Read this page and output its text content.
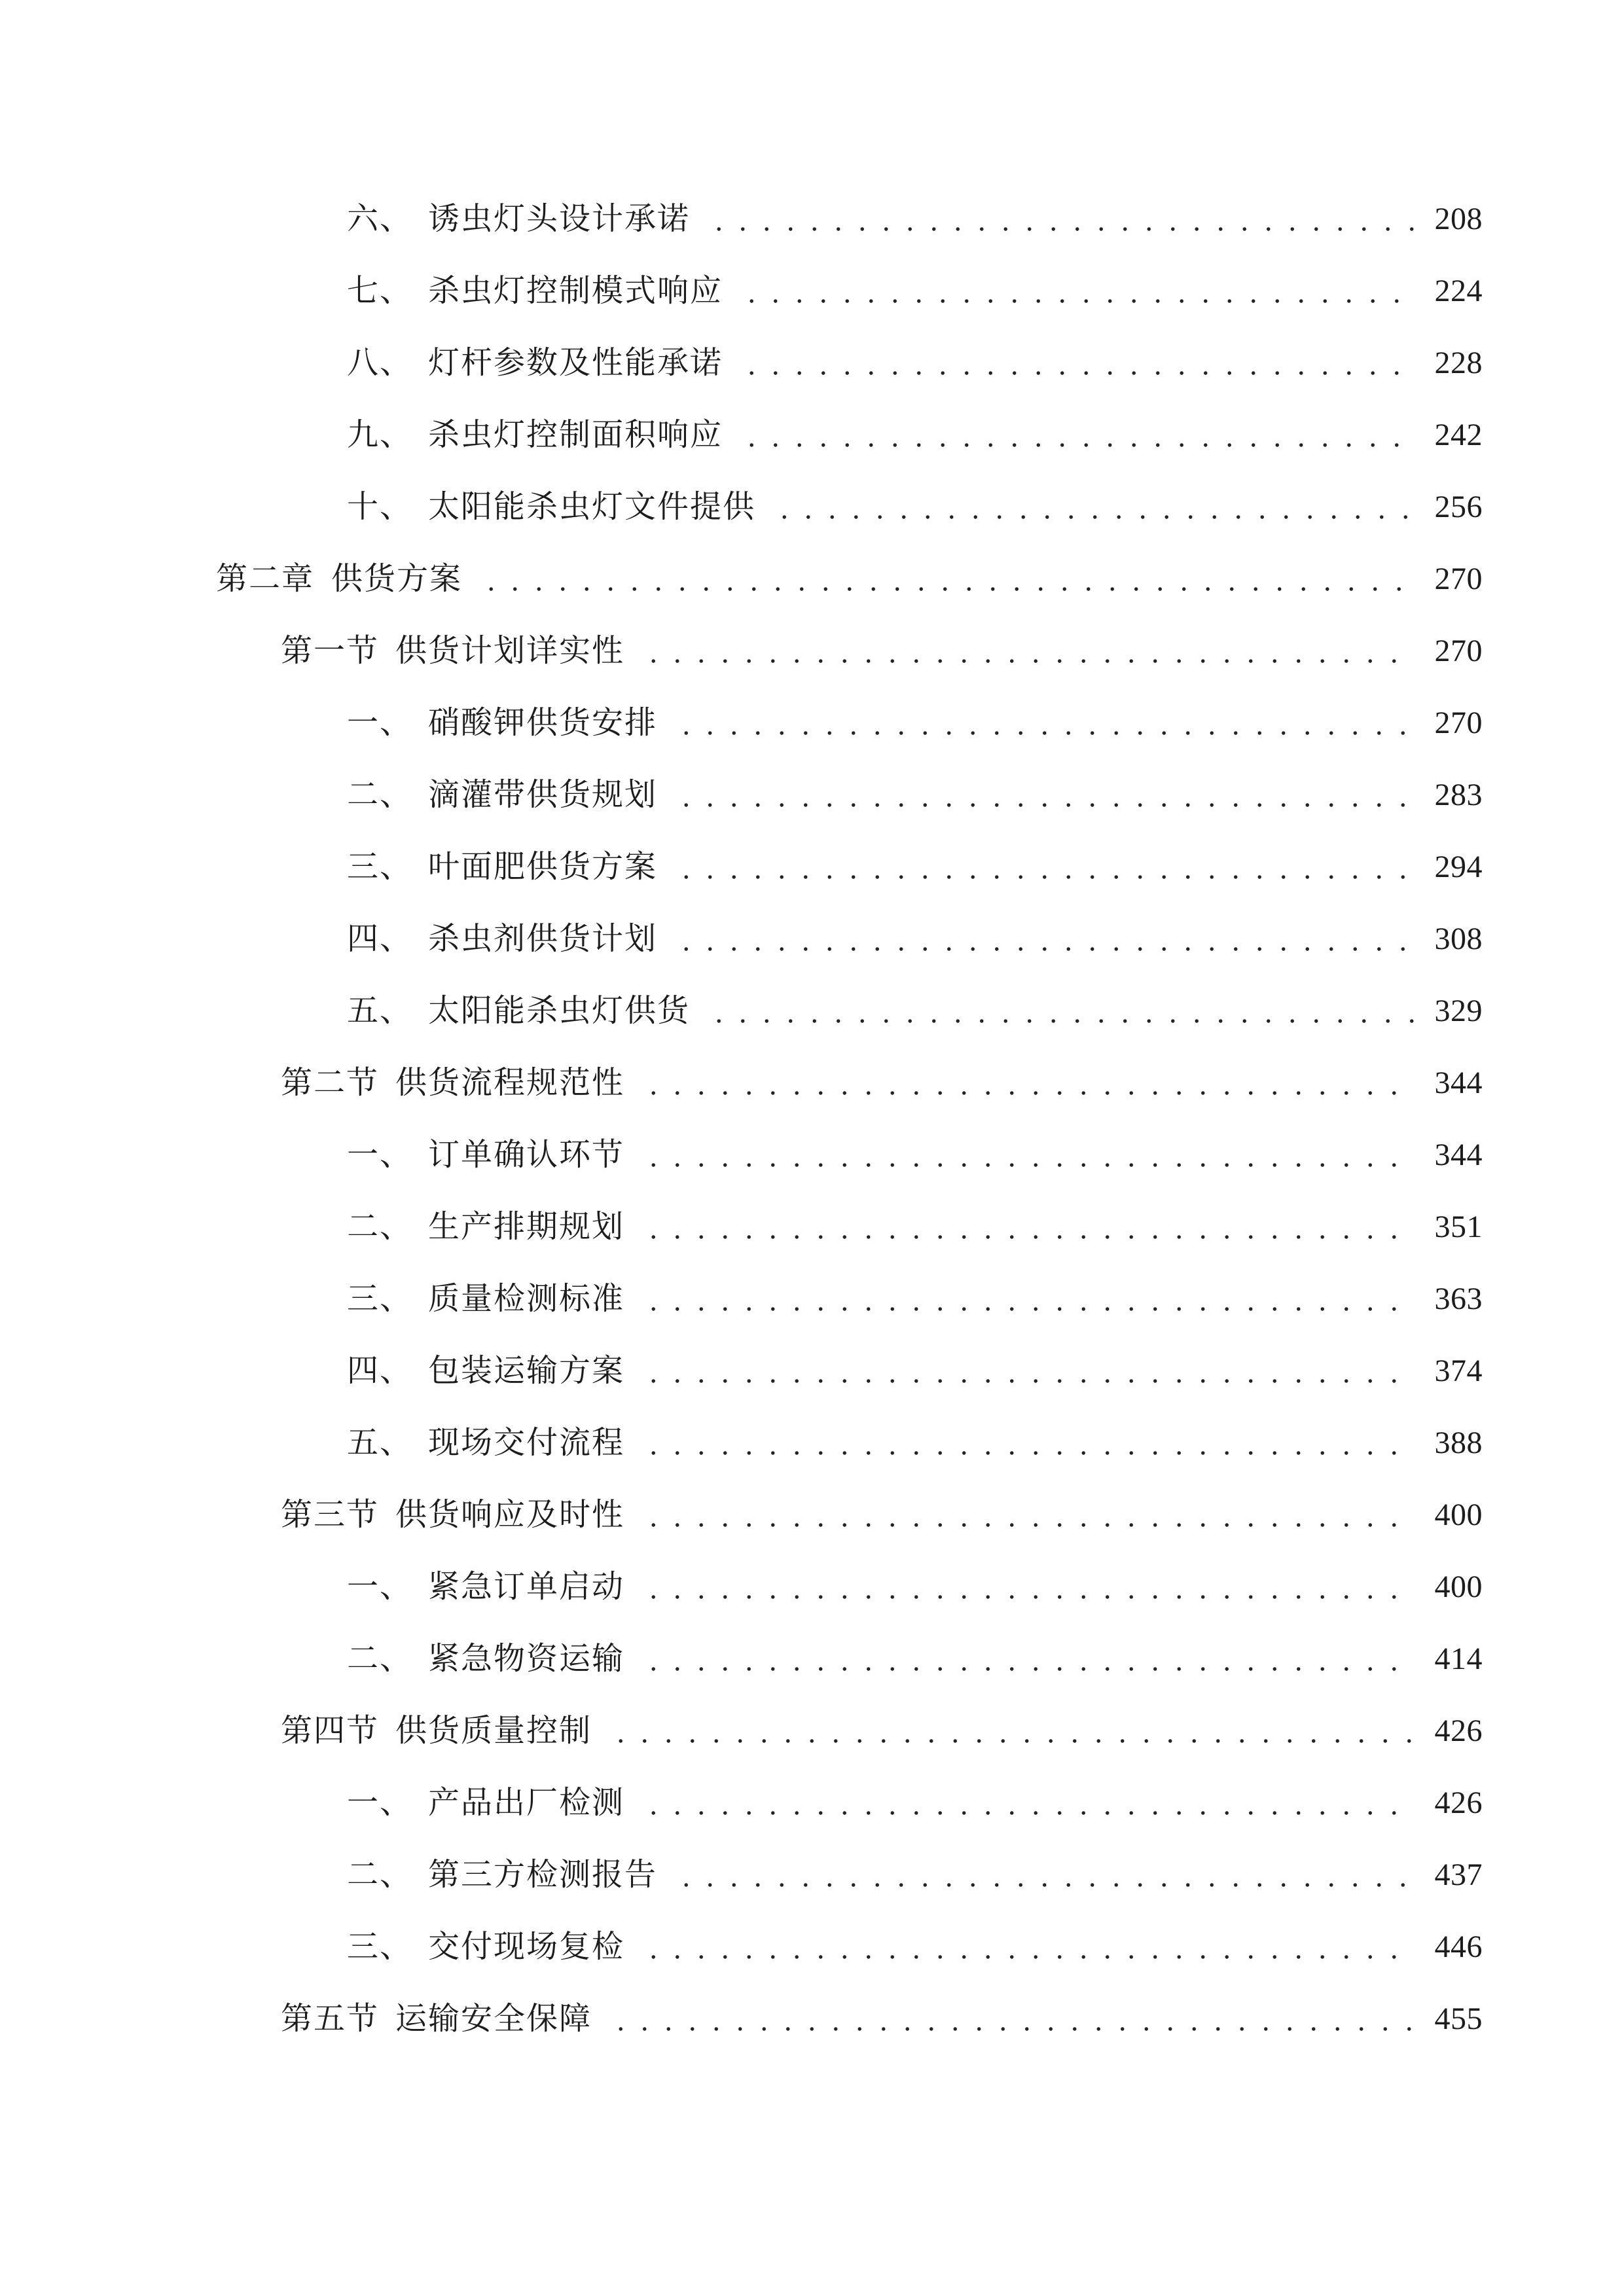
六、 诱虫灯头设计承诺	208
七、 杀虫灯控制模式响应	224
八、 灯杆参数及性能承诺	228
九、 杀虫灯控制面积响应	242
十、 太阳能杀虫灯文件提供	256
第二章 供货方案	270
第一节 供货计划详实性	270
一、 硝酸钾供货安排	270
二、 滴灌带供货规划	283
三、 叶面肥供货方案	294
四、 杀虫剂供货计划	308
五、 太阳能杀虫灯供货	329
第二节 供货流程规范性	344
一、 订单确认环节	344
二、 生产排期规划	351
三、 质量检测标准	363
四、 包装运输方案	374
五、 现场交付流程	388
第三节 供货响应及时性	400
一、 紧急订单启动	400
二、 紧急物资运输	414
第四节 供货质量控制	426
一、 产品出厂检测	426
二、 第三方检测报告	437
三、 交付现场复检	446
第五节 运输安全保障	455
